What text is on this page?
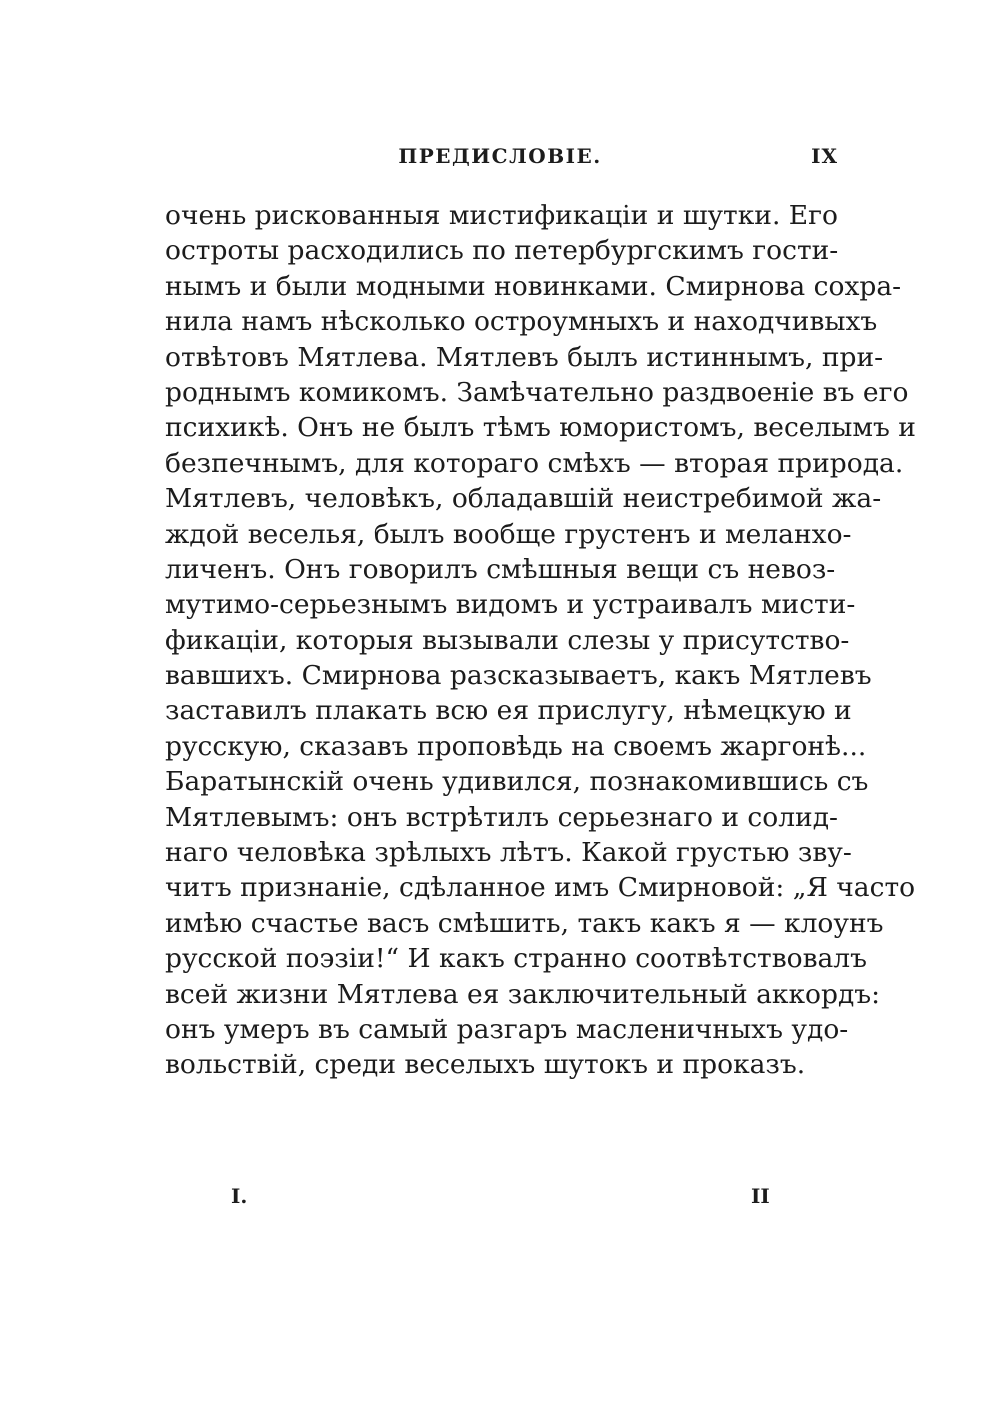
ПРЕДИСЛОВІЕ.	IX
очень рискованныя мистификаціи и шутки. Его
остроты расходились по петербургскимъ гости-
нымъ и были модными новинками. Смирнова сохра-
нила намъ нѣсколько остроумныхъ и находчивыхъ
отвѣтовъ Мятлева. Мятлевъ былъ истиннымъ, при-
роднымъ комикомъ. Замѣчательно раздвоеніе въ его
психикѣ. Онъ не былъ тѣмъ юмористомъ, веселымъ и
безпечнымъ, для котораго смѣхъ — вторая природа.
Мятлевъ, человѣкъ, обладавшій неистребимой жа-
ждой веселья, былъ вообще грустенъ и меланхо-
личенъ. Онъ говорилъ смѣшныя вещи съ невоз-
мутимо-серьезнымъ видомъ и устраивалъ мисти-
фикаціи, которыя вызывали слезы у присутство-
вавшихъ. Смирнова разсказываетъ, какъ Мятлевъ
заставилъ плакать всю ея прислугу, нѣмецкую и
русскую, сказавъ проповѣдь на своемъ жаргонѣ...
Баратынскій очень удивился, познакомившись съ
Мятлевымъ: онъ встрѣтилъ серьезнаго и солид-
наго человѣка зрѣлыхъ лѣтъ. Какой грустью зву-
читъ признаніе, сдѣланное имъ Смирновой: „Я часто
имѣю счастье васъ смѣшить, такъ какъ я — клоунъ
русской поэзіи!“ И какъ странно соотвѣтствовалъ
всей жизни Мятлева ея заключительный аккордъ:
онъ умеръ въ самый разгаръ масленичныхъ удо-
вольствій, среди веселыхъ шутокъ и проказъ.
I.	II
